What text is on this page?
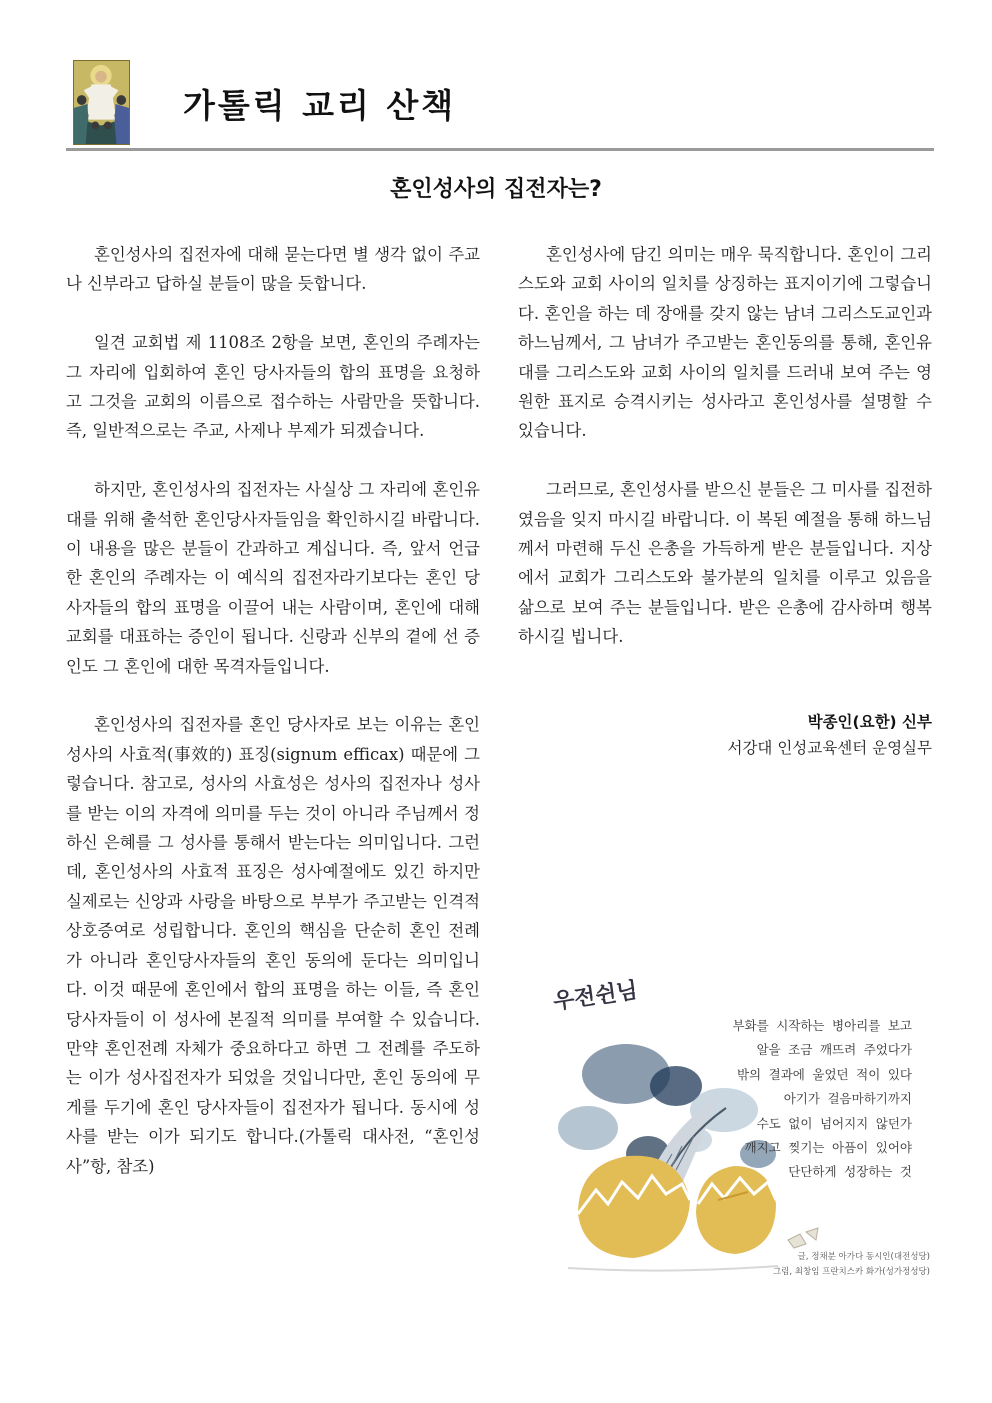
가톨릭 교리 산책
혼인성사의 집전자는?

혼인성사의 집전자에 대해 묻는다면 별 생각 없이 주교나 신부라고 답하실 분들이 많을 듯합니다.

일견 교회법 제 1108조 2항을 보면, 혼인의 주례자는 그 자리에 입회하여 혼인 당사자들의 합의 표명을 요청하고 그것을 교회의 이름으로 접수하는 사람만을 뜻합니다. 즉, 일반적으로는 주교, 사제나 부제가 되겠습니다.

하지만, 혼인성사의 집전자는 사실상 그 자리에 혼인유대를 위해 출석한 혼인당사자들임을 확인하시길 바랍니다. 이 내용을 많은 분들이 간과하고 계십니다. 즉, 앞서 언급한 혼인의 주례자는 이 예식의 집전자라기보다는 혼인 당사자들의 합의 표명을 이끌어 내는 사람이며, 혼인에 대해 교회를 대표하는 증인이 됩니다. 신랑과 신부의 곁에 선 증인도 그 혼인에 대한 목격자들입니다.

혼인성사의 집전자를 혼인 당사자로 보는 이유는 혼인성사의 사효적(事效的) 표징(signum efficax) 때문에 그렇습니다. 참고로, 성사의 사효성은 성사의 집전자나 성사를 받는 이의 자격에 의미를 두는 것이 아니라 주님께서 정하신 은혜를 그 성사를 통해서 받는다는 의미입니다. 그런데, 혼인성사의 사효적 표징은 성사예절에도 있긴 하지만 실제로는 신앙과 사랑을 바탕으로 부부가 주고받는 인격적 상호증여로 성립합니다. 혼인의 핵심을 단순히 혼인 전례가 아니라 혼인당사자들의 혼인 동의에 둔다는 의미입니다. 이것 때문에 혼인에서 합의 표명을 하는 이들, 즉 혼인 당사자들이 이 성사에 본질적 의미를 부여할 수 있습니다. 만약 혼인전례 자체가 중요하다고 하면 그 전례를 주도하는 이가 성사집전자가 되었을 것입니다만, 혼인 동의에 무게를 두기에 혼인 당사자들이 집전자가 됩니다. 동시에 성사를 받는 이가 되기도 합니다.(가톨릭 대사전, “혼인성사”항, 참조)

혼인성사에 담긴 의미는 매우 묵직합니다. 혼인이 그리스도와 교회 사이의 일치를 상징하는 표지이기에 그렇습니다. 혼인을 하는 데 장애를 갖지 않는 남녀 그리스도교인과 하느님께서, 그 남녀가 주고받는 혼인동의를 통해, 혼인유대를 그리스도와 교회 사이의 일치를 드러내 보여 주는 영원한 표지로 승격시키는 성사라고 혼인성사를 설명할 수 있습니다.

그러므로, 혼인성사를 받으신 분들은 그 미사를 집전하였음을 잊지 마시길 바랍니다. 이 복된 예절을 통해 하느님께서 마련해 두신 은총을 가득하게 받은 분들입니다. 지상에서 교회가 그리스도와 불가분의 일치를 이루고 있음을 삶으로 보여 주는 분들입니다. 받은 은총에 감사하며 행복하시길 빕니다.

박종인(요한) 신부
서강대 인성교육센터 운영실무
우전쉰님
부화를 시작하는 병아리를 보고
알을 조금 깨뜨려 주었다가
밖의 결과에 울었던 적이 있다
아기가 걸음마하기까지
수도 없이 넘어지지 않던가
깨지고 찢기는 아픔이 있어야
단단하게 성장하는 것
글, 정채분 아가다 동시인(대전성당)
그림, 최창임 프란치스카 화가(성가정성당)
